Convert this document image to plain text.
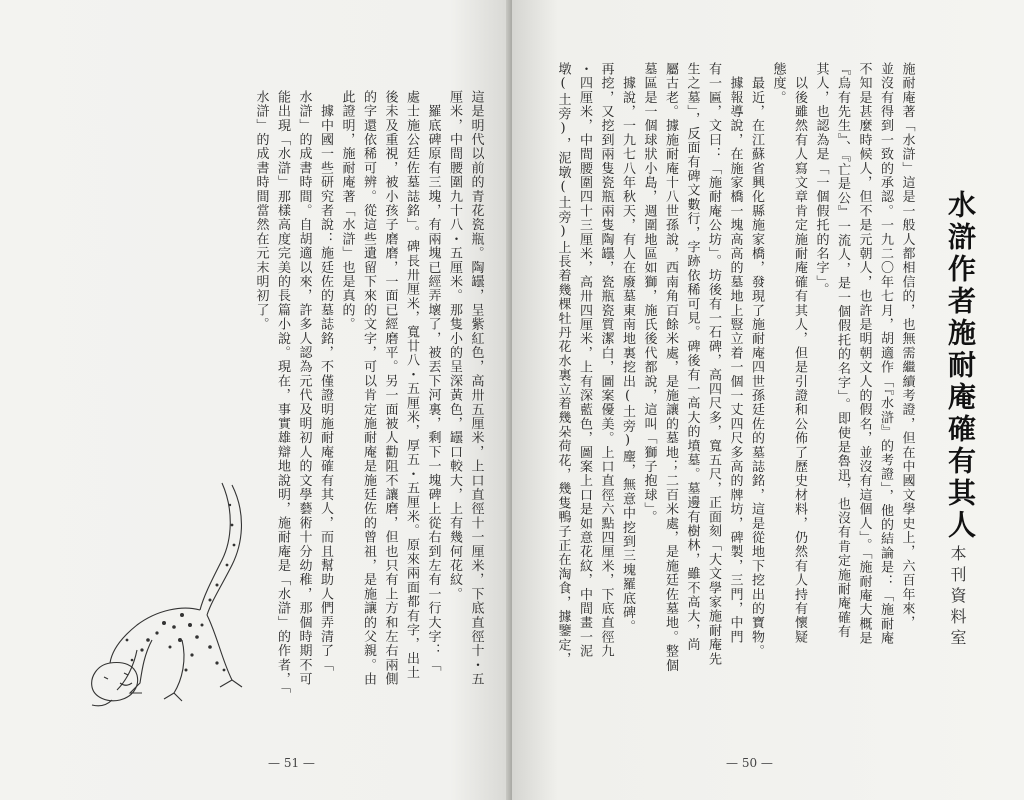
這是明代以前的青花瓷瓶。陶罎，呈紫紅色，高卅五厘米，上口直徑十一厘米，下底直徑十・五
厘米，中間腰圍九十八・五厘米。那隻小的呈深黃色，罎口較大，上有幾何花紋。
　羅底碑原有三塊，有兩塊已經弄壞了，被丟下河裏，剩下一塊碑上從右到左有一行大字：「
處士施公廷佐墓誌銘」。碑長卅厘米，寬廿八・五厘米，厚五・五厘米。原來兩面都有字，出土
後未及重視，被小孩子磨磨，一面已經磨平。另一面被人勸阻不讓磨，但也只有上方和左右兩側
的字還依稀可辨。從這些遺留下來的文字，可以肯定施耐庵是施廷佐的曾祖，是施讓的父親。由
此證明，施耐庵著「水滸」也是真的。
　據中國一些研究者說：施廷佐的墓誌銘，不僅證明施耐庵確有其人，而且幫助人們弄清了「
水滸」的成書時間。自胡適以來，許多人認為元代及明初人的文學藝術十分幼稚，那個時期不可
能出現「水滸」那樣高度完美的長篇小說。現在，事實雄辯地說明，施耐庵是「水滸」的作者，「
水滸」的成書時間當然在元末明初了。
— 51 —
施耐庵著「水滸」這是一般人都相信的，也無需繼續考證，但在中國文學史上，六百年來，
並沒有得到一致的承認。一九二〇年七月，胡適作「『水滸』的考證」，他的結論是：「施耐庵
不知是甚麼時候人，但不是元朝人，也許是明朝文人的假名，並沒有這個人」。「施耐庵大概是
『烏有先生』、『亡是公』一流人，是一個假托的名字」。即使是魯迅，也沒有肯定施耐庵確有
其人，也認為是「一個假托的名字」。
　以後雖然有人寫文章肯定施耐庵確有其人，但是引證和公佈了歷史材料，仍然有人持有懷疑
態度。
　最近，在江蘇省興化縣施家橋，發現了施耐庵四世孫廷佐的墓誌銘，這是從地下挖出的寶物。
　據報導說，在施家橋一塊高高的墓地上豎立着一個一丈四尺多高的牌坊，碑製，三門，中門
有一匾，文曰：「施耐庵公坊」。坊後有一石碑，高四尺多，寬五尺，正面刻「大文學家施耐庵先
生之墓」，反面有碑文數行，字跡依稀可見。碑後有一高大的墳墓。墓邊有樹林，雖不高大，尚
屬古老。據施耐庵十八世孫說，西南角百餘米處，是施讓的墓地；二百米處，是施廷佐墓地。整個
墓區是一個球狀小島，週圍地區如獅，施氏後代都說，這叫「獅子抱球」。
　據說，一九七八年秋天，有人在廢墓東南地裏挖出(土旁)麈，無意中挖到三塊羅底碑。
再挖，又挖到兩隻瓷瓶兩隻陶罎，瓷瓶瓷質潔白，圖案優美。上口直徑六點四厘米，下底直徑九
・四厘米，中間腰圍四十三厘米，高卅四厘米，上有深藍色，圖案上口是如意花紋，中間畫一泥
墩(土旁)，泥墩(土旁)上長着幾棵牡丹花水裏立着幾朵荷花，幾隻鴨子正在淘食，據鑒定，	水滸作者施耐庵確有其人
本刊資料室
— 50 —
